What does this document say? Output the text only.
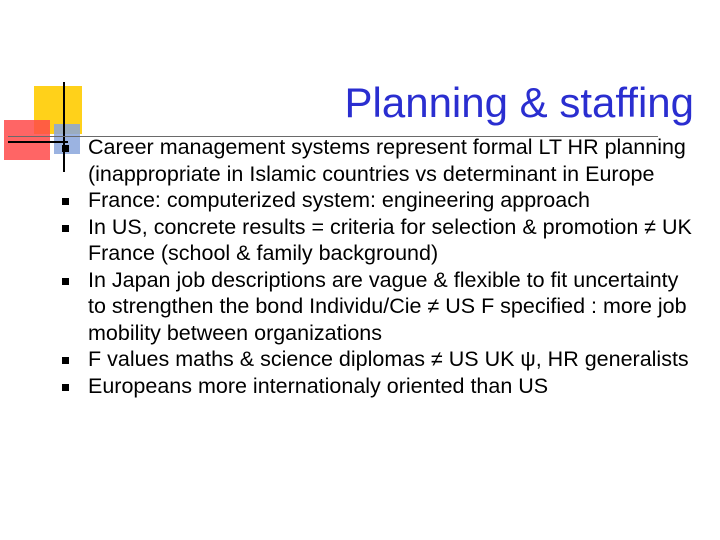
Planning & staffing
Career management systems represent formal LT HR planning (inappropriate in Islamic countries vs determinant in Europe
France: computerized system: engineering approach
In US, concrete results = criteria for selection & promotion ≠ UK France (school & family background)
In Japan job descriptions are vague & flexible to fit uncertainty to strengthen the bond Individu/Cie ≠ US F specified : more job mobility between organizations
F values maths & science diplomas ≠ US UK ψ, HR generalists
Europeans more internationaly oriented than US
